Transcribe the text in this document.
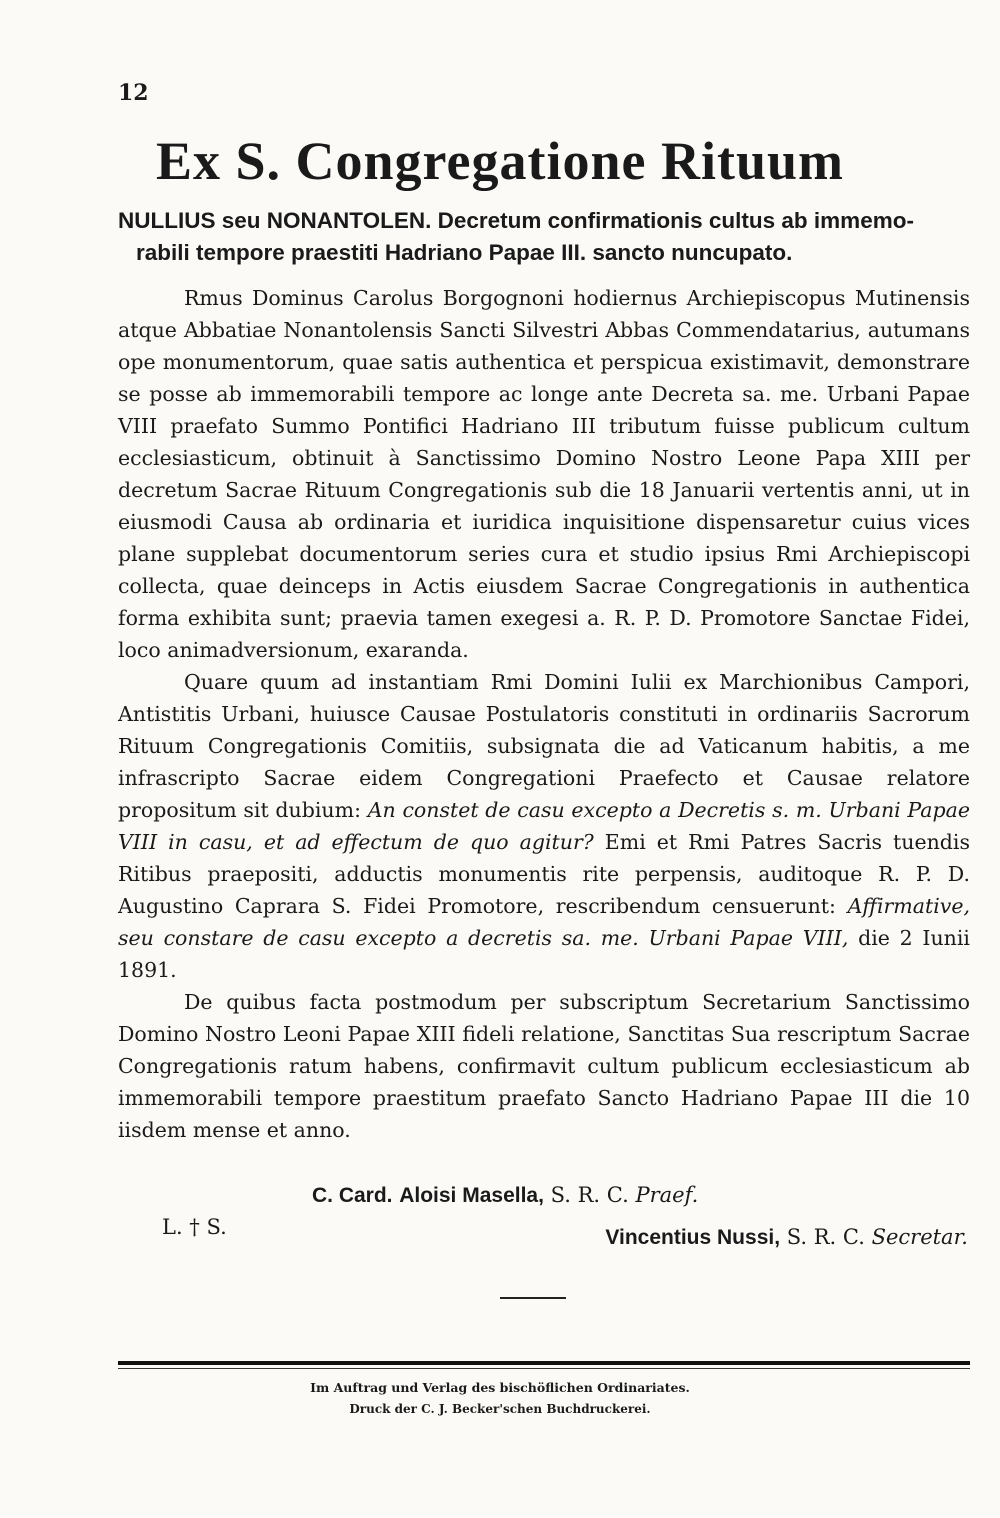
12
Ex S. Congregatione Rituum

NULLIUS seu NONANTOLEN. Decretum confirmationis cultus ab immemo-
rabili tempore praestiti Hadriano Papae III. sancto nuncupato.

Rmus Dominus Carolus Borgognoni hodiernus Archiepiscopus Mutinensis atque Abbatiae Nonantolensis Sancti Silvestri Abbas Commendatarius, autumans ope monumentorum, quae satis authentica et perspicua existimavit, demonstrare se posse ab immemorabili tempore ac longe ante Decreta sa. me. Urbani Papae VIII praefato Summo Pontifici Hadriano III tributum fuisse publicum cultum ecclesiasticum, obtinuit à Sanctissimo Domino Nostro Leone Papa XIII per decretum Sacrae Rituum Congregationis sub die 18 Januarii vertentis anni, ut in eiusmodi Causa ab ordinaria et iuridica inquisitione dispensaretur cuius vices plane supplebat documentorum series cura et studio ipsius Rmi Archiepiscopi collecta, quae deinceps in Actis eiusdem Sacrae Congregationis in authentica forma exhibita sunt; praevia tamen exegesi a. R. P. D. Promotore Sanctae Fidei, loco animadversionum, exaranda.

Quare quum ad instantiam Rmi Domini Iulii ex Marchionibus Campori, Antistitis Urbani, huiusce Causae Postulatoris constituti in ordinariis Sacrorum Rituum Congregationis Comitiis, subsignata die ad Vaticanum habitis, a me infrascripto Sacrae eidem Congregationi Praefecto et Causae relatore propositum sit dubium: An constet de casu excepto a Decretis s. m. Urbani Papae VIII in casu, et ad effectum de quo agitur? Emi et Rmi Patres Sacris tuendis Ritibus praepositi, adductis monumentis rite perpensis, auditoque R. P. D. Augustino Caprara S. Fidei Promotore, rescribendum censuerunt: Affirmative, seu constare de casu excepto a decretis sa. me. Urbani Papae VIII, die 2 Iunii 1891.

De quibus facta postmodum per subscriptum Secretarium Sanctissimo Domino Nostro Leoni Papae XIII fideli relatione, Sanctitas Sua rescriptum Sacrae Congregationis ratum habens, confirmavit cultum publicum ecclesiasticum ab immemorabili tempore praestitum praefato Sancto Hadriano Papae III die 10 iisdem mense et anno.

C. Card. Aloisi Masella, S. R. C. Praef.
L. † S.	Vincentius Nussi, S. R. C. Secretar.
Im Auftrag und Verlag des bischöflichen Ordinariates.
Druck der C. J. Becker'schen Buchdruckerei.
